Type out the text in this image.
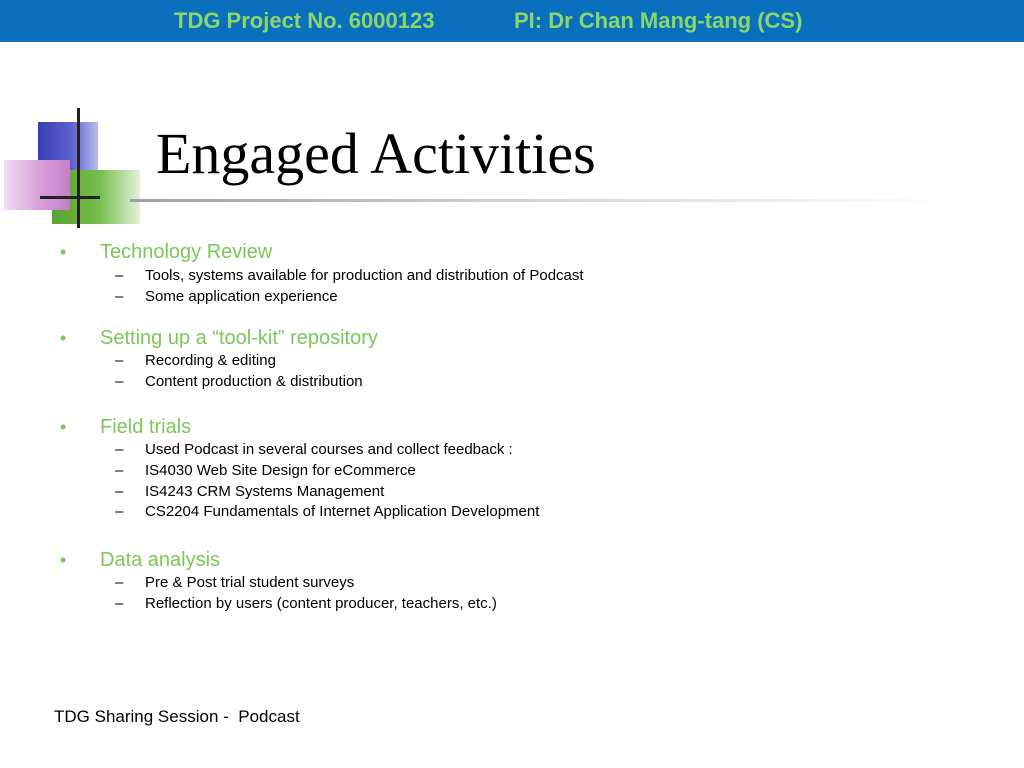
TDG Project No. 6000123	PI: Dr Chan Mang-tang (CS)
Engaged Activities
• Technology Review
– Tools, systems available for production and distribution of Podcast
– Some application experience
• Setting up a “tool-kit” repository
– Recording & editing
– Content production & distribution
• Field trials
– Used Podcast in several courses and collect feedback :
– IS4030 Web Site Design for eCommerce
– IS4243 CRM Systems Management
– CS2204 Fundamentals of Internet Application Development
• Data analysis
– Pre & Post trial student surveys
– Reflection by users (content producer, teachers, etc.)
TDG Sharing Session -  Podcast
